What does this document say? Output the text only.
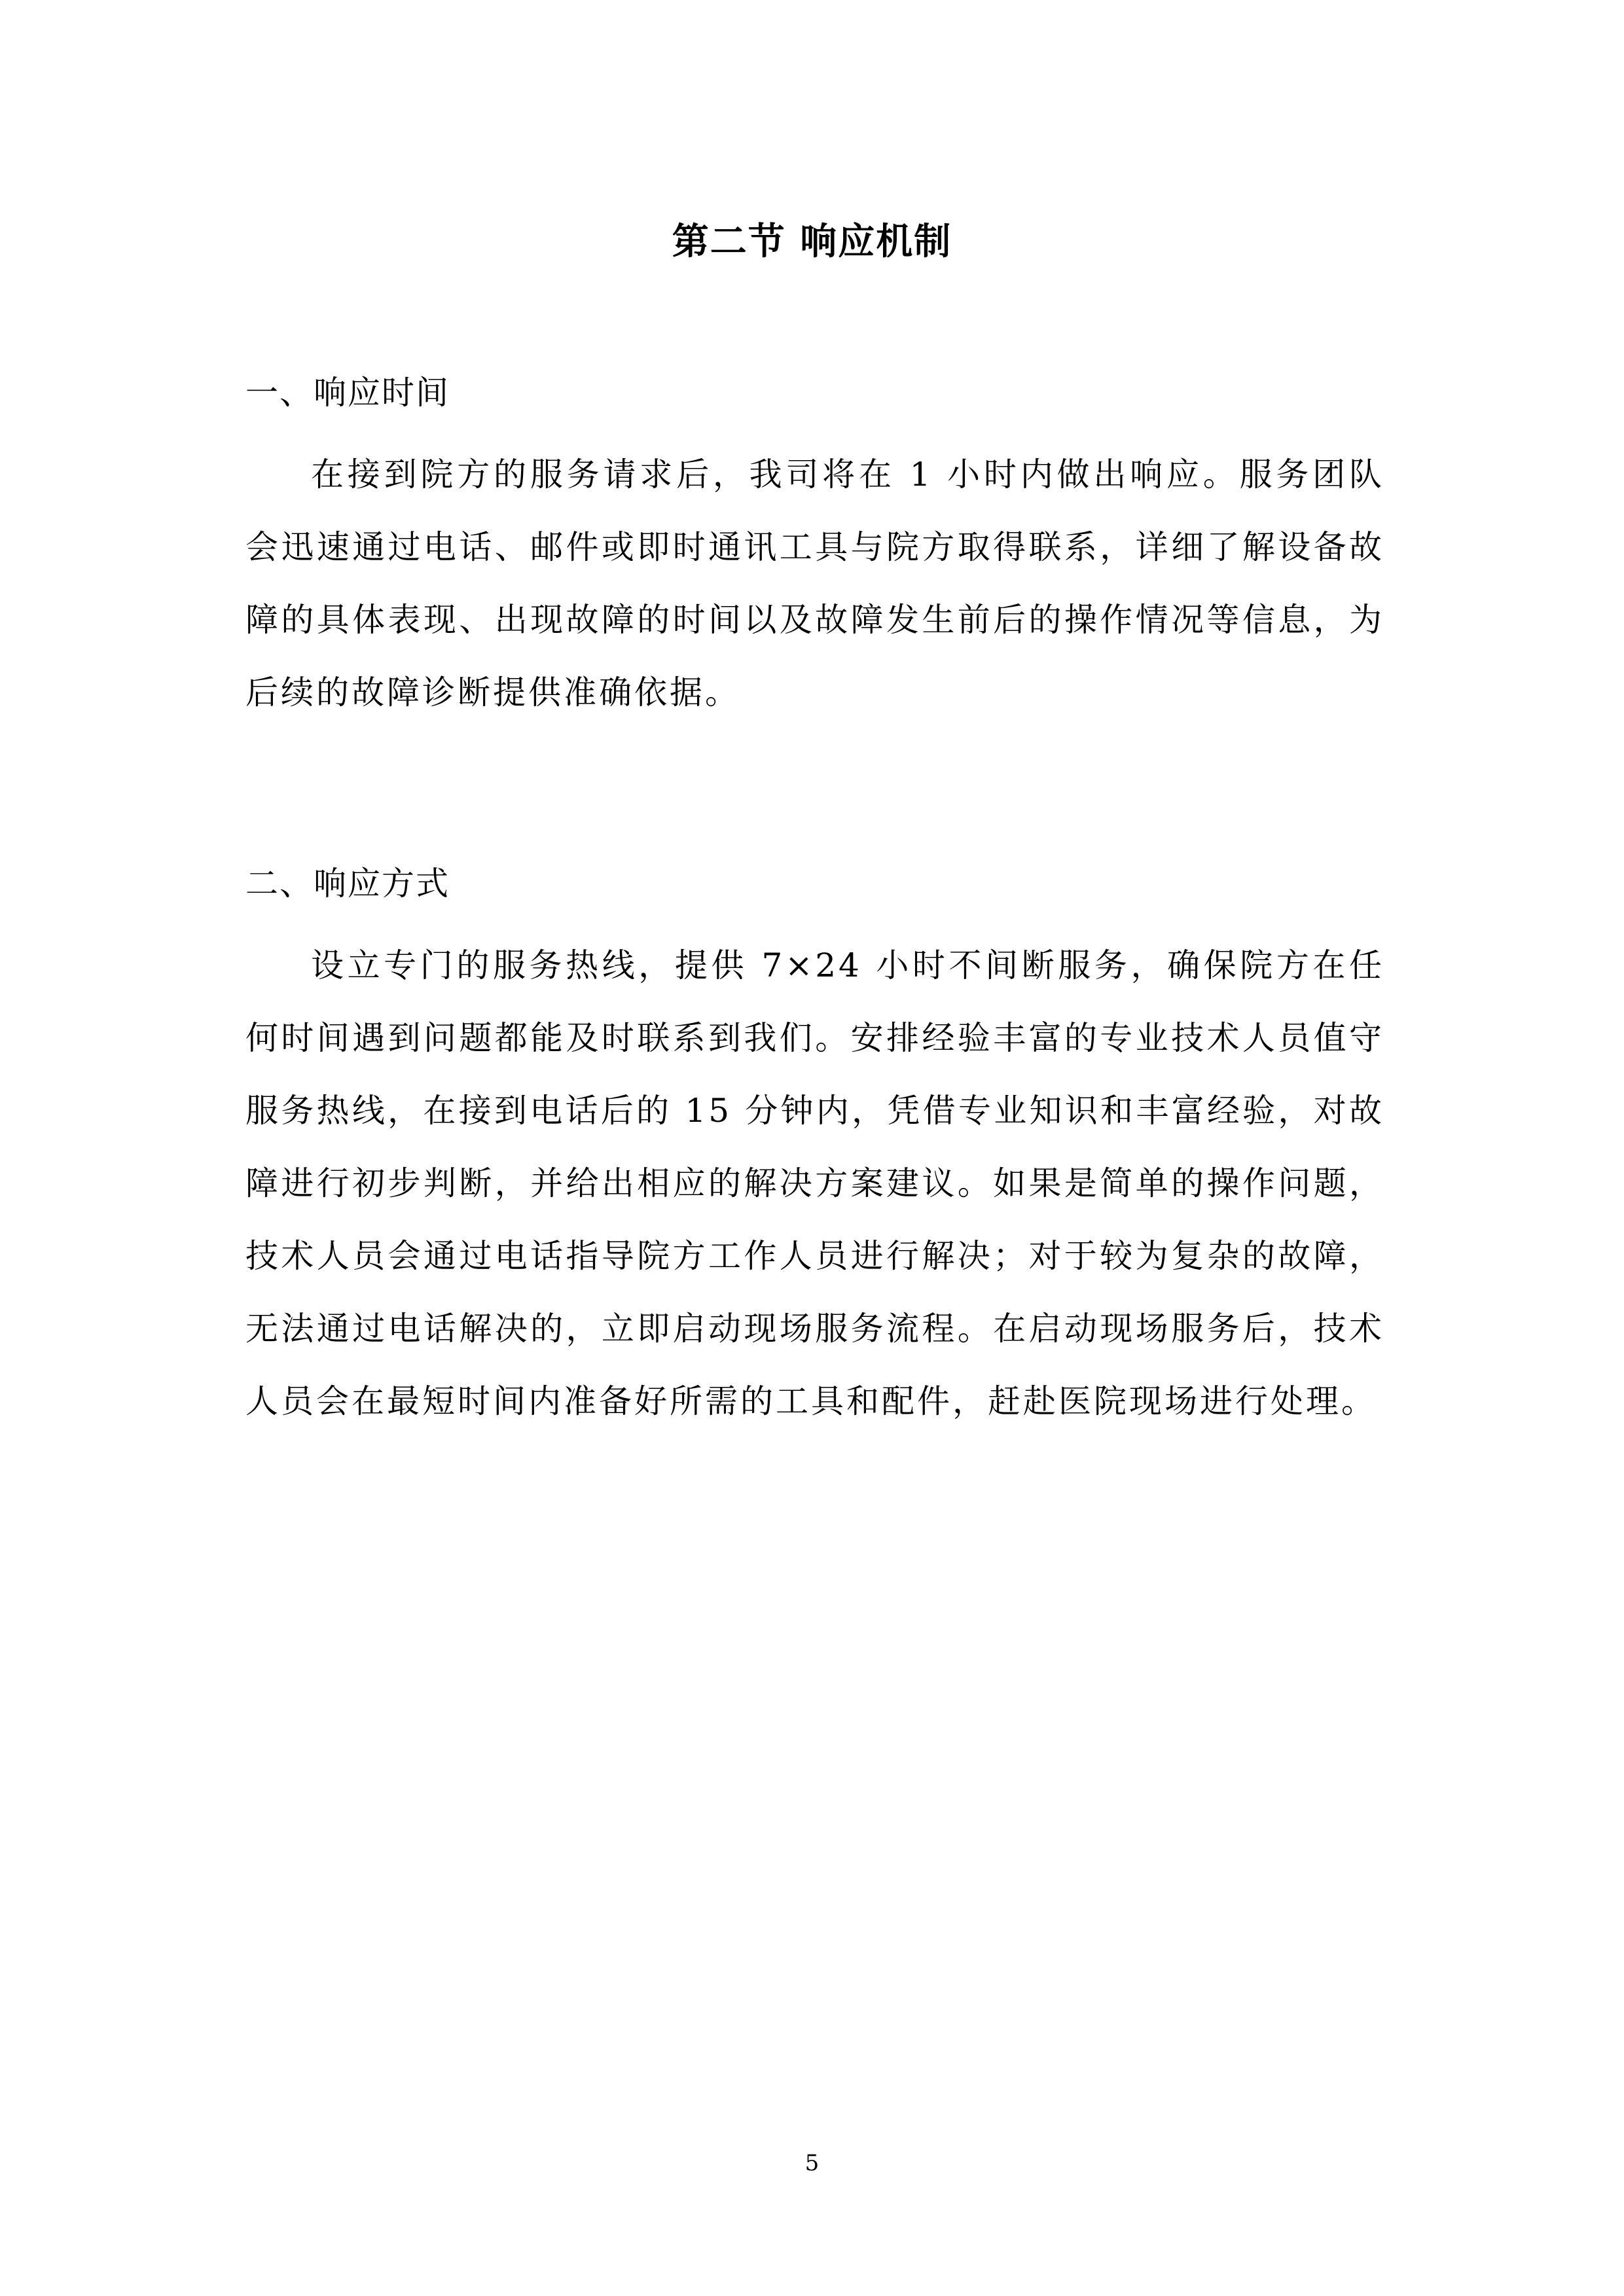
第二节 响应机制
一、响应时间
在接到院方的服务请求后，我司将在 1 小时内做出响应。服务团队会迅速通过电话、邮件或即时通讯工具与院方取得联系，详细了解设备故障的具体表现、出现故障的时间以及故障发生前后的操作情况等信息，为后续的故障诊断提供准确依据。
二、响应方式
设立专门的服务热线，提供 7×24 小时不间断服务，确保院方在任何时间遇到问题都能及时联系到我们。安排经验丰富的专业技术人员值守服务热线，在接到电话后的 15 分钟内，凭借专业知识和丰富经验，对故障进行初步判断，并给出相应的解决方案建议。如果是简单的操作问题，技术人员会通过电话指导院方工作人员进行解决；对于较为复杂的故障，无法通过电话解决的，立即启动现场服务流程。在启动现场服务后，技术人员会在最短时间内准备好所需的工具和配件，赶赴医院现场进行处理。
5
